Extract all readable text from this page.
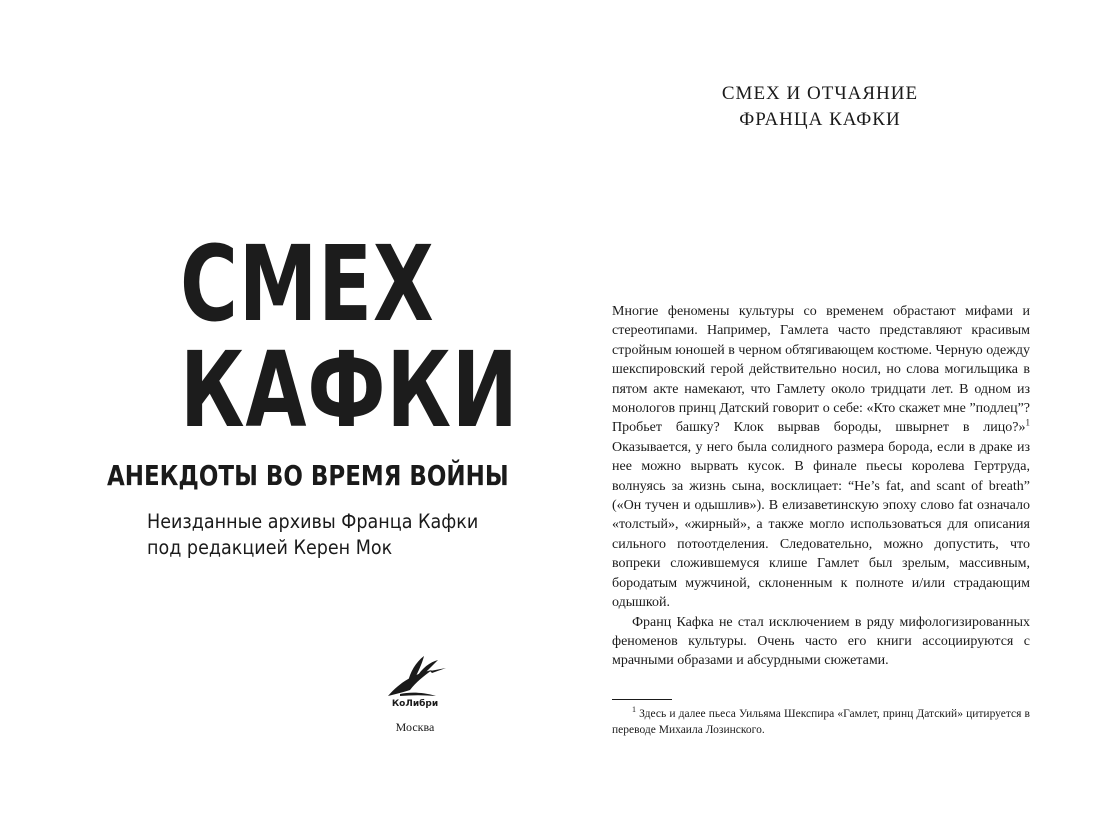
СМЕХ
КАФКИ
АНЕКДОТЫ ВО ВРЕМЯ ВОЙНЫ
Неизданные архивы Франца Кафки
под редакцией Керен Мок
КоЛибри
Москва
СМЕХ И ОТЧАЯНИЕ
ФРАНЦА КАФКИ

Многие феномены культуры со временем обрастают мифами и стереотипами. Например, Гамлета часто представляют красивым стройным юношей в черном обтягивающем костюме. Черную одежду шекспировский герой действительно носил, но слова могильщика в пятом акте намекают, что Гамлету около тридцати лет. В одном из монологов принц Датский говорит о себе: «Кто скажет мне ”подлец”? Пробьет башку? Клок вырвав бороды, швырнет в лицо?»$^1$ Оказывается, у него была солидного размера борода, если в драке из нее можно вырвать кусок. В финале пьесы королева Гертруда, волнуясь за жизнь сына, восклицает: “He’s fat, and scant of breath” («Он тучен и одышлив»). В елизаветинскую эпоху слово fat означало «толстый», «жирный», а также могло использоваться для описания сильного потоотделения. Следовательно, можно допустить, что вопреки сложившемуся клише Гамлет был зрелым, массивным, бородатым мужчиной, склоненным к полноте и/или страдающим одышкой.

Франц Кафка не стал исключением в ряду мифологизированных феноменов культуры. Очень часто его книги ассоциируются с мрачными образами и абсурдными сюжетами.

$^1$ Здесь и далее пьеса Уильяма Шекспира «Гамлет, принц Датский» цитируется в переводе Михаила Лозинского.
